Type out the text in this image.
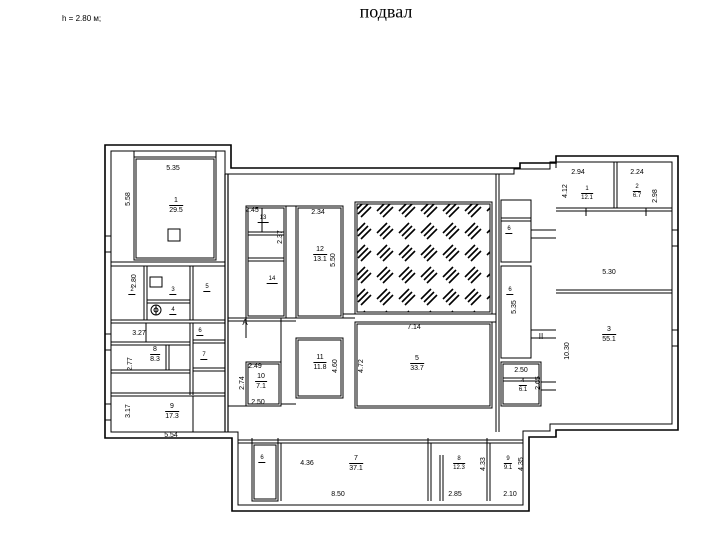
h = 2.80 м;	подвал
1
29.5
2	3
4
5
6
7
8
8.3
9
17.3
10
7.1
11
11.8
12
13.1
13
14
5
33.7
6
6
4
6.1
1
12.1
2
6.7
3
55.1
6	7
37.1
8
12.3
9
9.1
5.35
5.58
2.80
3.27
2.77
3.17
5.54
2.45
2.37
2.34
5.50
2.49
2.74
2.50
4.60	4.72
7.14
5.35
2.50
2.65
2.94
4.12
2.24
2.98
5.30
10.30
4.36
8.50	2.85
4.33	4.35
2.10
A
II
